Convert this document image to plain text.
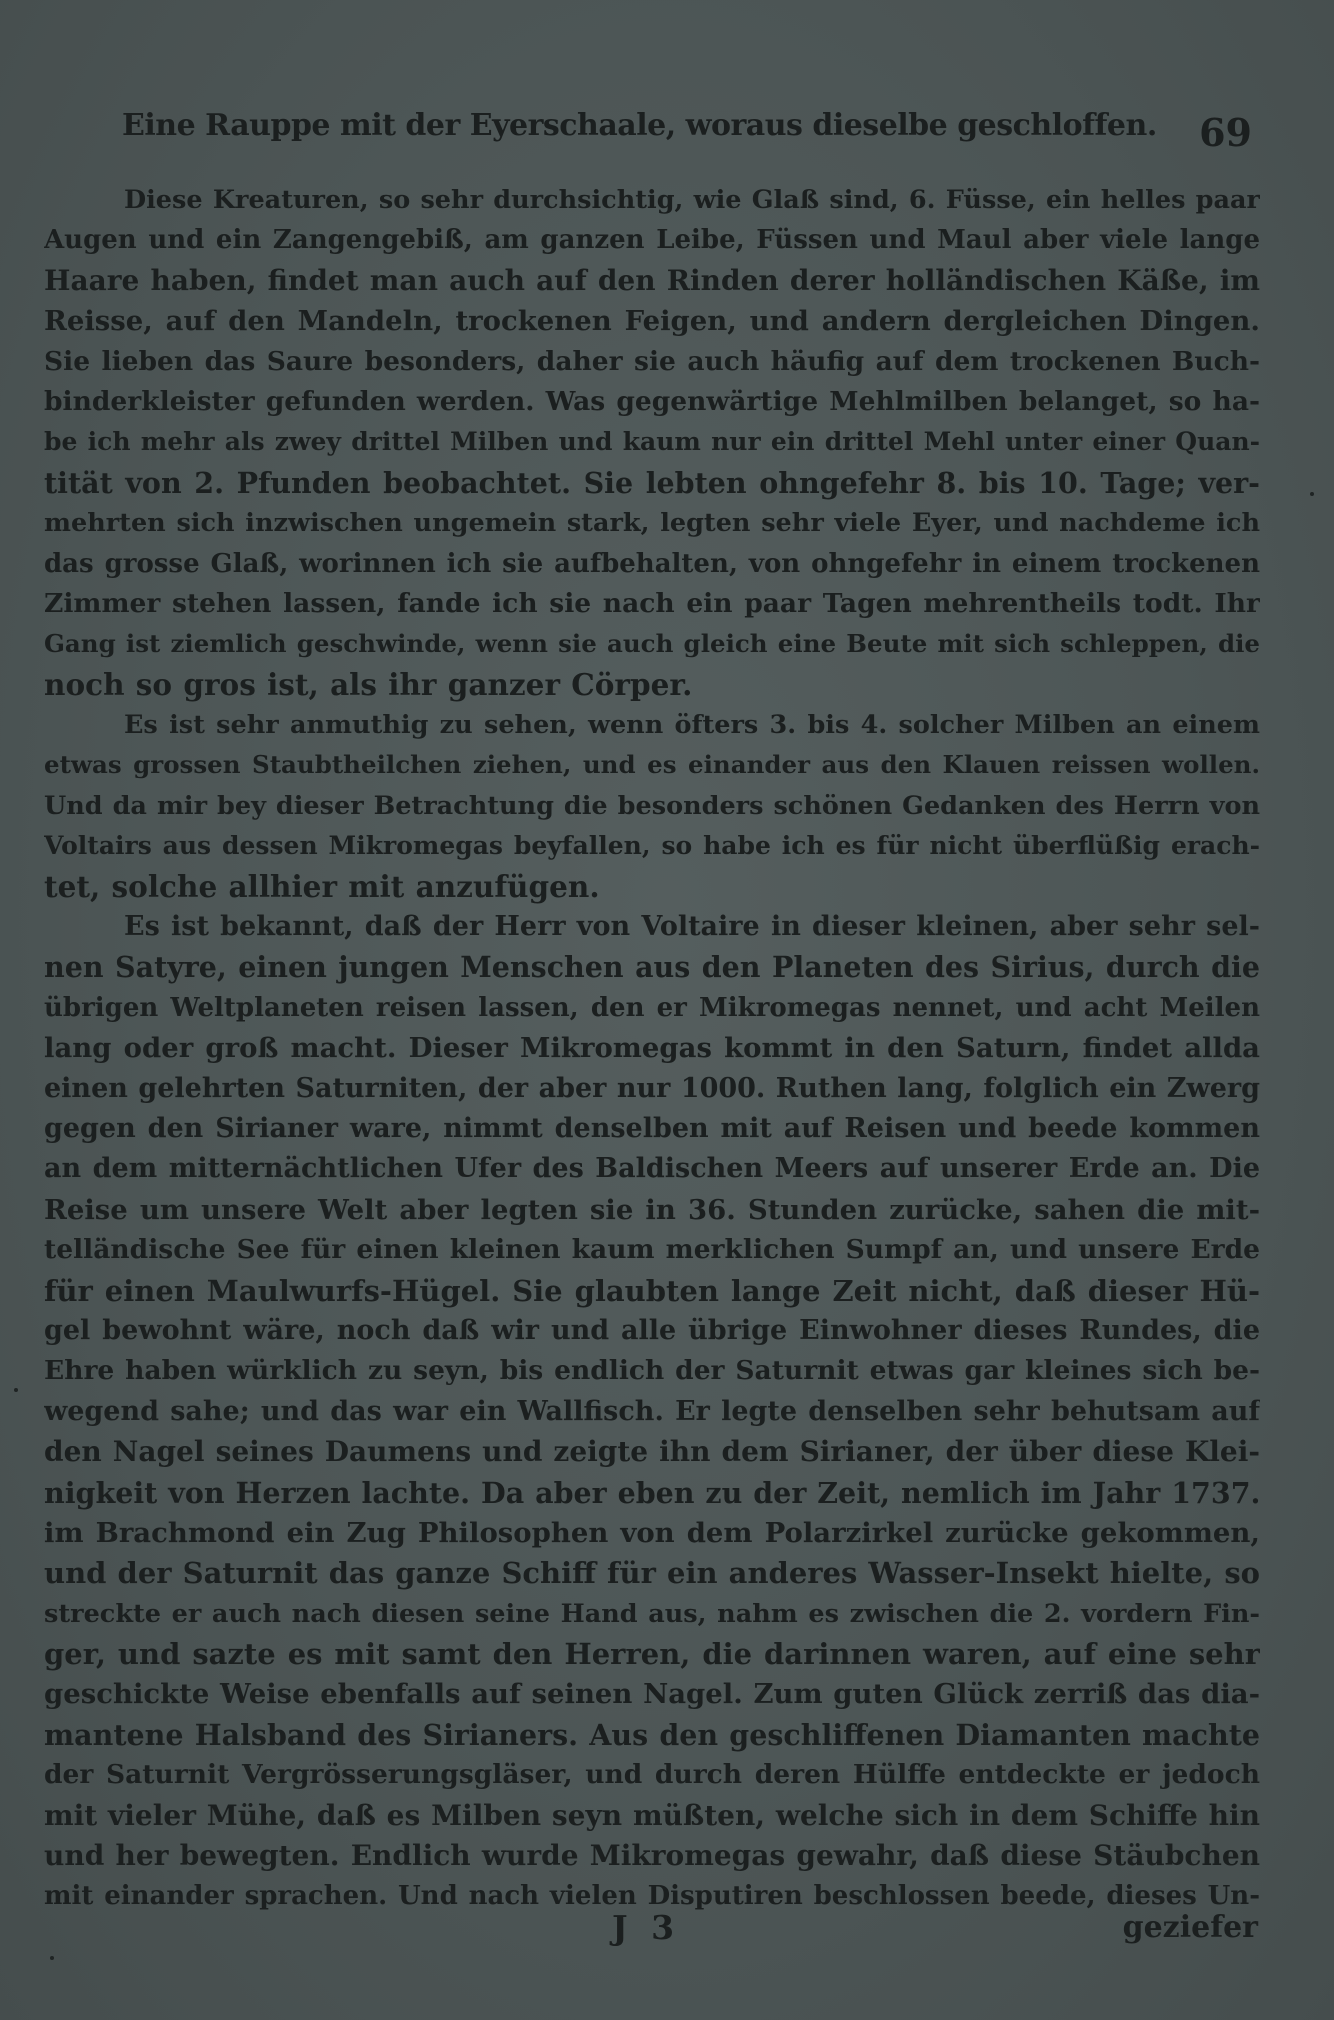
Eine Rauppe mit der Eyerschaale, woraus dieselbe geschloffen. 69
Diese Kreaturen, so sehr durchsichtig, wie Glaß sind, 6. Füsse, ein helles paar
Augen und ein Zangengebiß, am ganzen Leibe, Füssen und Maul aber viele lange
Haare haben, findet man auch auf den Rinden derer holländischen Käße, im
Reisse, auf den Mandeln, trockenen Feigen, und andern dergleichen Dingen.
Sie lieben das Saure besonders, daher sie auch häufig auf dem trockenen Buch-
binderkleister gefunden werden. Was gegenwärtige Mehlmilben belanget, so ha-
be ich mehr als zwey drittel Milben und kaum nur ein drittel Mehl unter einer Quan-
tität von 2. Pfunden beobachtet. Sie lebten ohngefehr 8. bis 10. Tage; ver-
mehrten sich inzwischen ungemein stark, legten sehr viele Eyer, und nachdeme ich
das grosse Glaß, worinnen ich sie aufbehalten, von ohngefehr in einem trockenen
Zimmer stehen lassen, fande ich sie nach ein paar Tagen mehrentheils todt. Ihr
Gang ist ziemlich geschwinde, wenn sie auch gleich eine Beute mit sich schleppen, die
noch so gros ist, als ihr ganzer Cörper.
Es ist sehr anmuthig zu sehen, wenn öfters 3. bis 4. solcher Milben an einem
etwas grossen Staubtheilchen ziehen, und es einander aus den Klauen reissen wollen.
Und da mir bey dieser Betrachtung die besonders schönen Gedanken des Herrn von
Voltairs aus dessen Mikromegas beyfallen, so habe ich es für nicht überflüßig erach-
tet, solche allhier mit anzufügen.
Es ist bekannt, daß der Herr von Voltaire in dieser kleinen, aber sehr sel-
nen Satyre, einen jungen Menschen aus den Planeten des Sirius, durch die
übrigen Weltplaneten reisen lassen, den er Mikromegas nennet, und acht Meilen
lang oder groß macht. Dieser Mikromegas kommt in den Saturn, findet allda
einen gelehrten Saturniten, der aber nur 1000. Ruthen lang, folglich ein Zwerg
gegen den Sirianer ware, nimmt denselben mit auf Reisen und beede kommen
an dem mitternächtlichen Ufer des Baldischen Meers auf unserer Erde an. Die
Reise um unsere Welt aber legten sie in 36. Stunden zurücke, sahen die mit-
telländische See für einen kleinen kaum merklichen Sumpf an, und unsere Erde
für einen Maulwurfs-Hügel. Sie glaubten lange Zeit nicht, daß dieser Hü-
gel bewohnt wäre, noch daß wir und alle übrige Einwohner dieses Rundes, die
Ehre haben würklich zu seyn, bis endlich der Saturnit etwas gar kleines sich be-
wegend sahe; und das war ein Wallfisch. Er legte denselben sehr behutsam auf
den Nagel seines Daumens und zeigte ihn dem Sirianer, der über diese Klei-
nigkeit von Herzen lachte. Da aber eben zu der Zeit, nemlich im Jahr 1737.
im Brachmond ein Zug Philosophen von dem Polarzirkel zurücke gekommen,
und der Saturnit das ganze Schiff für ein anderes Wasser-Insekt hielte, so
streckte er auch nach diesen seine Hand aus, nahm es zwischen die 2. vordern Fin-
ger, und sazte es mit samt den Herren, die darinnen waren, auf eine sehr
geschickte Weise ebenfalls auf seinen Nagel. Zum guten Glück zerriß das dia-
mantene Halsband des Sirianers. Aus den geschliffenen Diamanten machte
der Saturnit Vergrösserungsgläser, und durch deren Hülffe entdeckte er jedoch
mit vieler Mühe, daß es Milben seyn müßten, welche sich in dem Schiffe hin
und her bewegten. Endlich wurde Mikromegas gewahr, daß diese Stäubchen
mit einander sprachen. Und nach vielen Disputiren beschlossen beede, dieses Un-
J 3	geziefer
